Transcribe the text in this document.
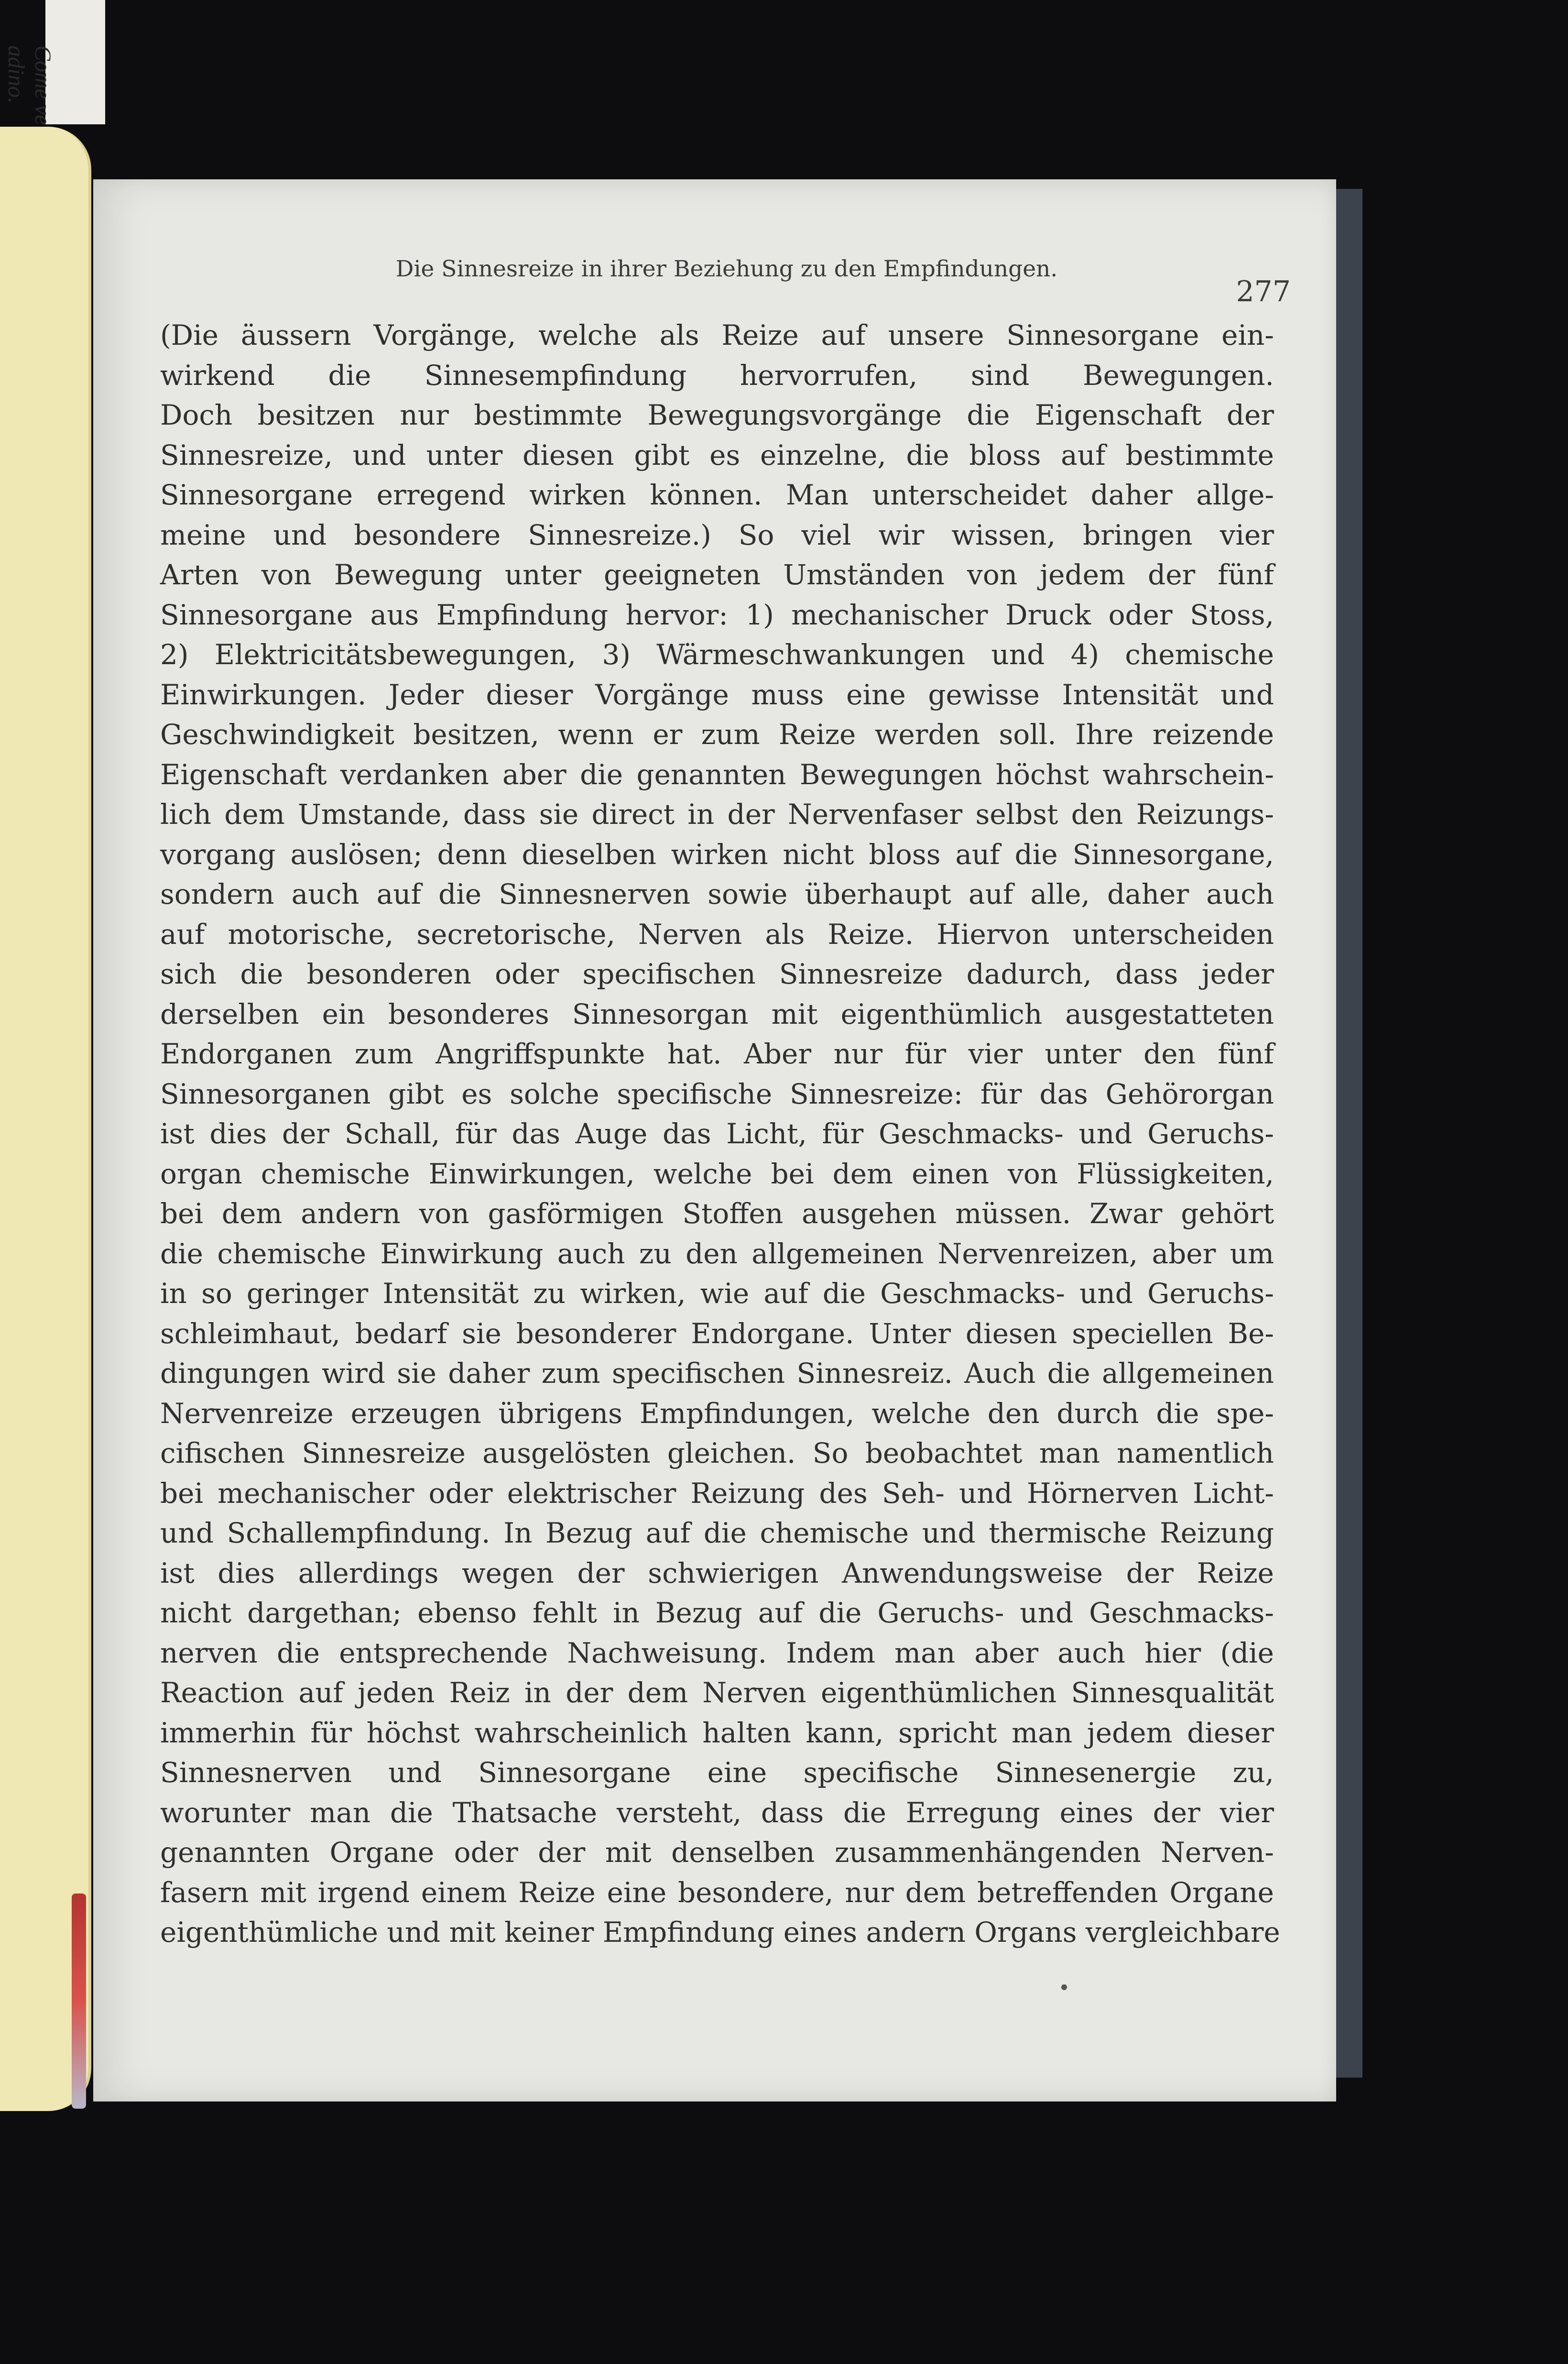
Come ve
adino.
Die Sinnesreize in ihrer Beziehung zu den Empfindungen.
277
(Die äussern Vorgänge, welche als Reize auf unsere Sinnesorgane ein-
wirkend die Sinnesempfindung hervorrufen, sind Bewegungen.
Doch besitzen nur bestimmte Bewegungsvorgänge die Eigenschaft der
Sinnesreize, und unter diesen gibt es einzelne, die bloss auf bestimmte
Sinnesorgane erregend wirken können. Man unterscheidet daher allge-
meine und besondere Sinnesreize.) So viel wir wissen, bringen vier
Arten von Bewegung unter geeigneten Umständen von jedem der fünf
Sinnesorgane aus Empfindung hervor: 1) mechanischer Druck oder Stoss,
2) Elektricitätsbewegungen, 3) Wärmeschwankungen und 4) chemische
Einwirkungen. Jeder dieser Vorgänge muss eine gewisse Intensität und
Geschwindigkeit besitzen, wenn er zum Reize werden soll. Ihre reizende
Eigenschaft verdanken aber die genannten Bewegungen höchst wahrschein-
lich dem Umstande, dass sie direct in der Nervenfaser selbst den Reizungs-
vorgang auslösen; denn dieselben wirken nicht bloss auf die Sinnesorgane,
sondern auch auf die Sinnesnerven sowie überhaupt auf alle, daher auch
auf motorische, secretorische, Nerven als Reize. Hiervon unterscheiden
sich die besonderen oder specifischen Sinnesreize dadurch, dass jeder
derselben ein besonderes Sinnesorgan mit eigenthümlich ausgestatteten
Endorganen zum Angriffspunkte hat. Aber nur für vier unter den fünf
Sinnesorganen gibt es solche specifische Sinnesreize: für das Gehörorgan
ist dies der Schall, für das Auge das Licht, für Geschmacks- und Geruchs-
organ chemische Einwirkungen, welche bei dem einen von Flüssigkeiten,
bei dem andern von gasförmigen Stoffen ausgehen müssen. Zwar gehört
die chemische Einwirkung auch zu den allgemeinen Nervenreizen, aber um
in so geringer Intensität zu wirken, wie auf die Geschmacks- und Geruchs-
schleimhaut, bedarf sie besonderer Endorgane. Unter diesen speciellen Be-
dingungen wird sie daher zum specifischen Sinnesreiz. Auch die allgemeinen
Nervenreize erzeugen übrigens Empfindungen, welche den durch die spe-
cifischen Sinnesreize ausgelösten gleichen. So beobachtet man namentlich
bei mechanischer oder elektrischer Reizung des Seh- und Hörnerven Licht-
und Schallempfindung. In Bezug auf die chemische und thermische Reizung
ist dies allerdings wegen der schwierigen Anwendungsweise der Reize
nicht dargethan; ebenso fehlt in Bezug auf die Geruchs- und Geschmacks-
nerven die entsprechende Nachweisung. Indem man aber auch hier (die
Reaction auf jeden Reiz in der dem Nerven eigenthümlichen Sinnesqualität
immerhin für höchst wahrscheinlich halten kann, spricht man jedem dieser
Sinnesnerven und Sinnesorgane eine specifische Sinnesenergie zu,
worunter man die Thatsache versteht, dass die Erregung eines der vier
genannten Organe oder der mit denselben zusammenhängenden Nerven-
fasern mit irgend einem Reize eine besondere, nur dem betreffenden Organe
eigenthümliche und mit keiner Empfindung eines andern Organs vergleichbare
